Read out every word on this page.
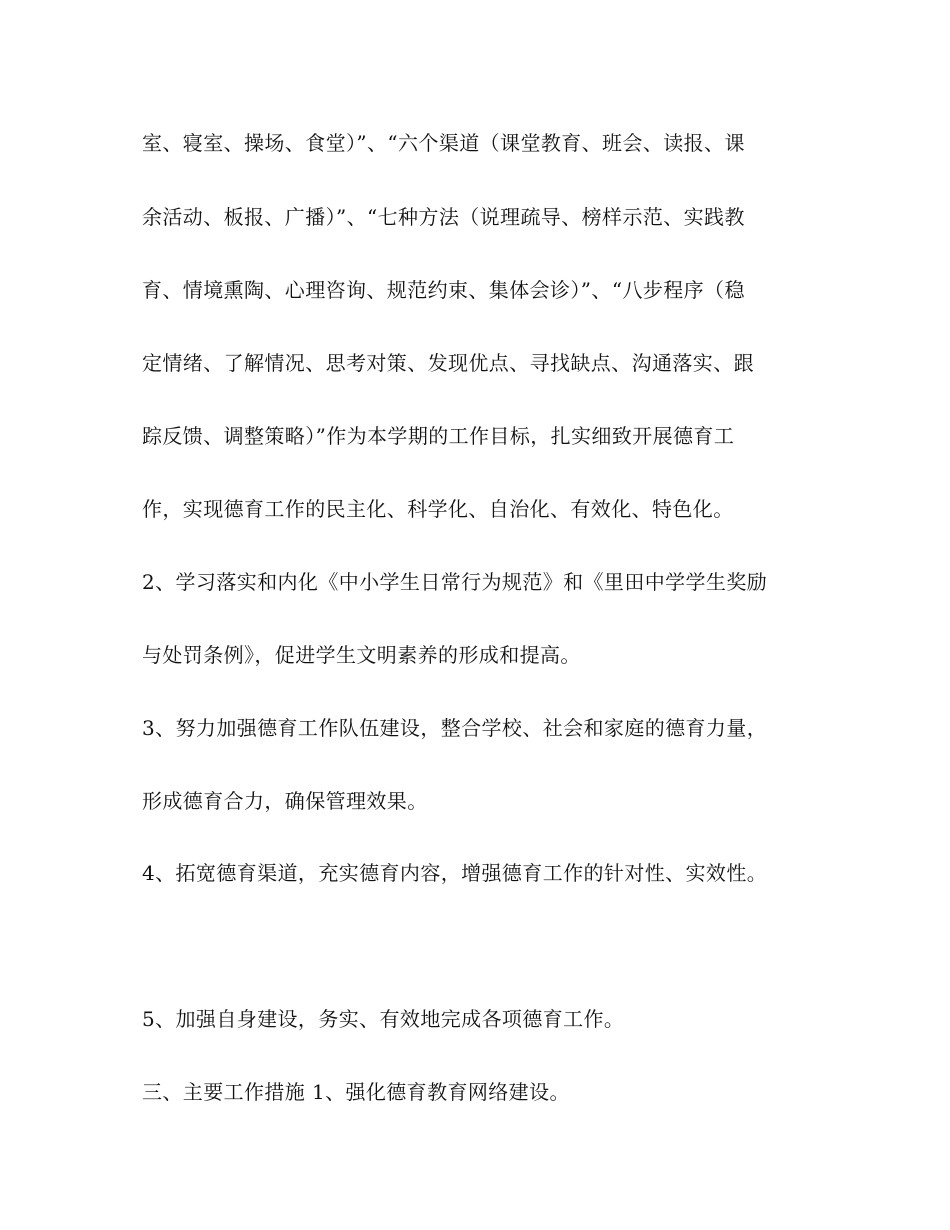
室、寝室、操场、食堂）”、“六个渠道（课堂教育、班会、读报、课
余活动、板报、广播）”、“七种方法（说理疏导、榜样示范、实践教
育、情境熏陶、心理咨询、规范约束、集体会诊）”、“八步程序（稳
定情绪、了解情况、思考对策、发现优点、寻找缺点、沟通落实、跟
踪反馈、调整策略）”作为本学期的工作目标，扎实细致开展德育工
作，实现德育工作的民主化、科学化、自治化、有效化、特色化。
2、学习落实和内化《中小学生日常行为规范》和《里田中学学生奖励
与处罚条例》，促进学生文明素养的形成和提高。
3、努力加强德育工作队伍建设，整合学校、社会和家庭的德育力量，
形成德育合力，确保管理效果。
4、拓宽德育渠道，充实德育内容，增强德育工作的针对性、实效性。
5、加强自身建设，务实、有效地完成各项德育工作。
三、主要工作措施 1、强化德育教育网络建设。
